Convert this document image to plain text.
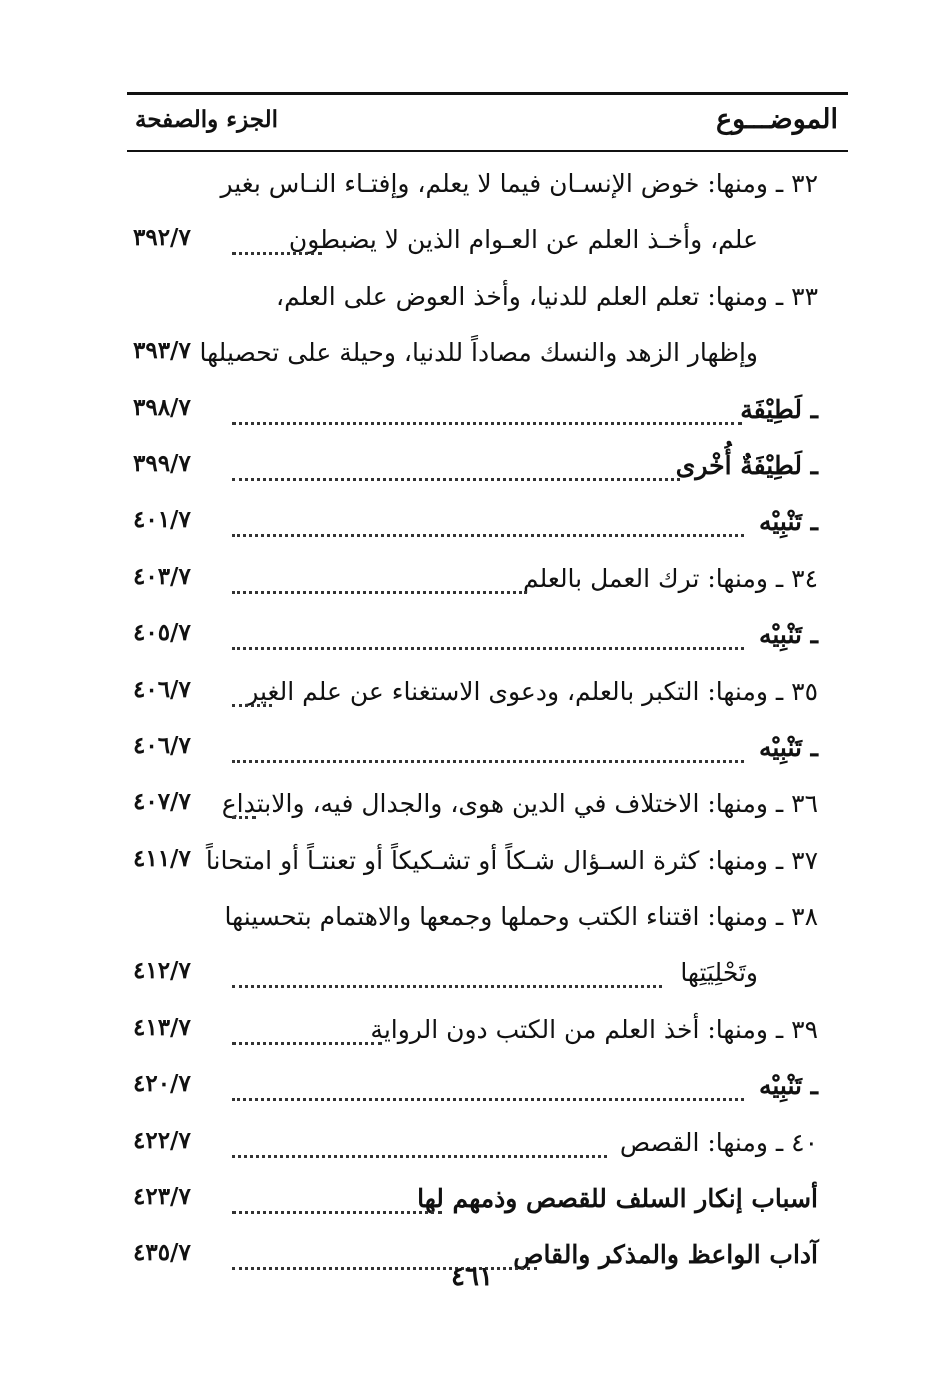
الموضـــوع
الجزء والصفحة
٣٢ ـ ومنها: خوض الإنسـان فيما لا يعلم، وإفتـاء النـاس بغير
علم، وأخـذ العلم عن العـوام الذين لا يضبطون
٣٩٢/٧
٣٣ ـ ومنها: تعلم العلم للدنيا، وأخذ العوض على العلم،
وإظهار الزهد والنسك مصاداً للدنيا، وحيلة على تحصيلها
٣٩٣/٧
ـ لَطِيْفَة
٣٩٨/٧
ـ لَطِيْفَةٌ أُخْرى
٣٩٩/٧
ـ تَنْبِيْه
٤٠١/٧
٣٤ ـ ومنها: ترك العمل بالعلم
٤٠٣/٧
ـ تَنْبِيْه
٤٠٥/٧
٣٥ ـ ومنها: التكبر بالعلم، ودعوى الاستغناء عن علم الغير
٤٠٦/٧
ـ تَنْبِيْه
٤٠٦/٧
٣٦ ـ ومنها: الاختلاف في الدين هوى، والجدال فيه، والابتداع
٤٠٧/٧
٣٧ ـ ومنها: كثرة السـؤال شـكاً أو تشـكيكاً أو تعنتـاً أو امتحاناً
٤١١/٧
٣٨ ـ ومنها: اقتناء الكتب وحملها وجمعها والاهتمام بتحسينها
وتَحْلِيَتِها
٤١٢/٧
٣٩ ـ ومنها: أخذ العلم من الكتب دون الرواية
٤١٣/٧
ـ تَنْبِيْه
٤٢٠/٧
٤٠ ـ ومنها: القصص
٤٢٢/٧
أسباب إنكار السلف للقصص وذمهم لها
٤٢٣/٧
آداب الواعظ والمذكر والقاص
٤٣٥/٧
٤٦١
